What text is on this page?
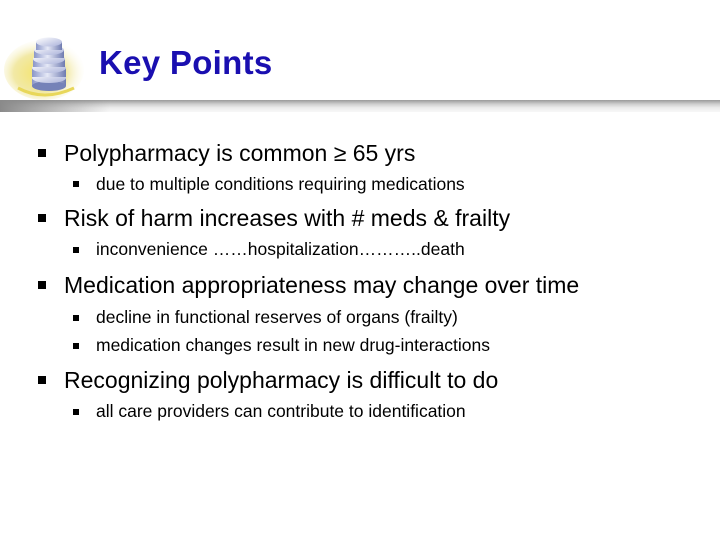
Key Points
Polypharmacy is common ≥ 65 yrs
due to multiple conditions requiring medications
Risk of harm increases with # meds & frailty
inconvenience ……hospitalization………..death
Medication appropriateness may change over time
decline in functional reserves of organs (frailty)
medication changes result in new drug-interactions
Recognizing polypharmacy is difficult to do
all care providers can contribute to identification
